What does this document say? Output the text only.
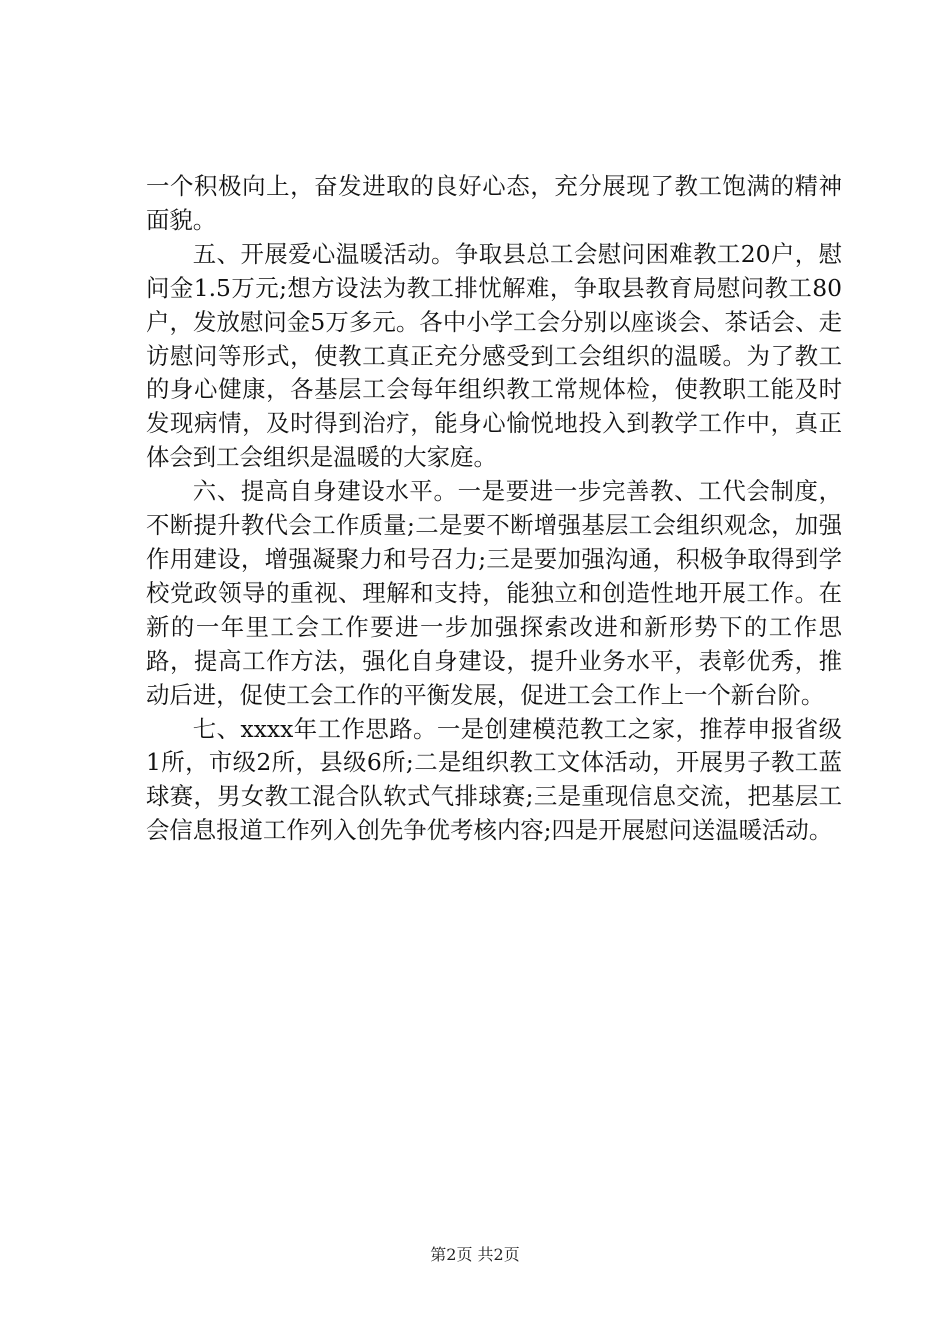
一个积极向上，奋发进取的良好心态，充分展现了教工饱满的精神面貌。

五、开展爱心温暖活动。争取县总工会慰问困难教工20户，慰问金1.5万元;想方设法为教工排忧解难，争取县教育局慰问教工80户，发放慰问金5万多元。各中小学工会分别以座谈会、茶话会、走访慰问等形式，使教工真正充分感受到工会组织的温暖。为了教工的身心健康，各基层工会每年组织教工常规体检，使教职工能及时发现病情，及时得到治疗，能身心愉悦地投入到教学工作中，真正体会到工会组织是温暖的大家庭。

六、提高自身建设水平。一是要进一步完善教、工代会制度，不断提升教代会工作质量;二是要不断增强基层工会组织观念，加强作用建设，增强凝聚力和号召力;三是要加强沟通，积极争取得到学校党政领导的重视、理解和支持，能独立和创造性地开展工作。在新的一年里工会工作要进一步加强探索改进和新形势下的工作思路，提高工作方法，强化自身建设，提升业务水平，表彰优秀，推动后进，促使工会工作的平衡发展，促进工会工作上一个新台阶。

七、xxxx年工作思路。一是创建模范教工之家，推荐申报省级1所，市级2所，县级6所;二是组织教工文体活动，开展男子教工蓝球赛，男女教工混合队软式气排球赛;三是重现信息交流，把基层工会信息报道工作列入创先争优考核内容;四是开展慰问送温暖活动。

第2页 共2页
